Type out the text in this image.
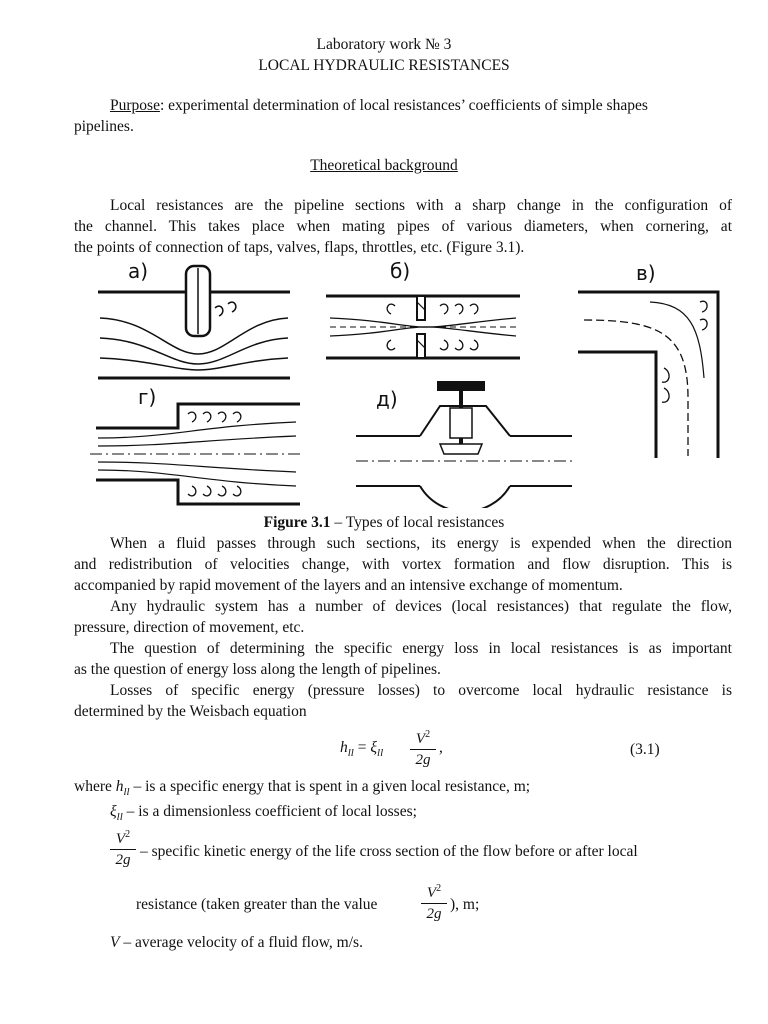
Laboratory work № 3
LOCAL HYDRAULIC RESISTANCES
Purpose: experimental determination of local resistances’ coefficients of simple shapes
pipelines.
Theoretical background
Local resistances are the pipeline sections with a sharp change in the configuration of
the channel. This takes place when mating pipes of various diameters, when cornering, at
the points of connection of taps, valves, flaps, throttles, etc. (Figure 3.1).
а)	б)	в)
г)	д)
Figure 3.1 – Types of local resistances
When a fluid passes through such sections, its energy is expended when the direction
and redistribution of velocities change, with vortex formation and flow disruption. This is
accompanied by rapid movement of the layers and an intensive exchange of momentum.
Any hydraulic system has a number of devices (local resistances) that regulate the flow,
pressure, direction of movement, etc.
The question of determining the specific energy loss in local resistances is as important
as the question of energy loss along the length of pipelines.
Losses of specific energy (pressure losses) to overcome local hydraulic resistance is
determined by the Weisbach equation
$h_{ll} = \xi_{ll}$
$V^2$
2g
,	(3.1)
where $h_{ll}$ – is a specific energy that is spent in a given local resistance, m;
$\xi_{ll}$ – is a dimensionless coefficient of local losses;
$V^2$
2g – specific kinetic energy of the life cross section of the flow before or after local
resistance (taken greater than the value
$V^2$
2g
), m;
V – average velocity of a fluid flow, m/s.
